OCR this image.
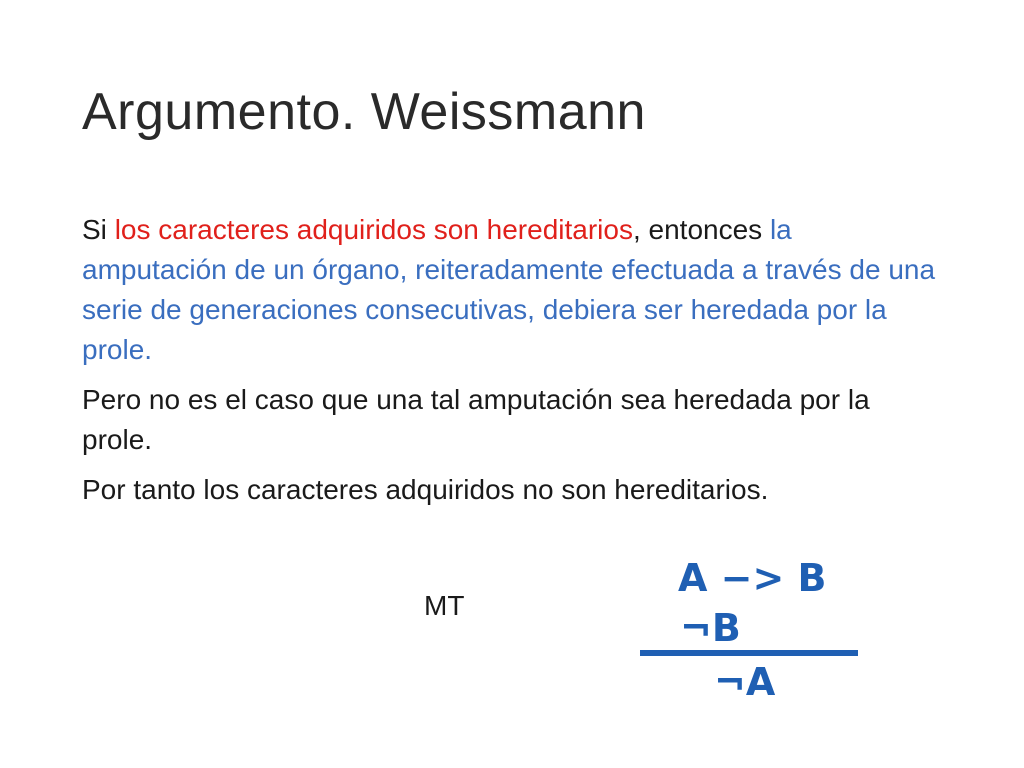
Argumento. Weissmann

Si los caracteres adquiridos son hereditarios, entonces la amputación de un órgano, reiteradamente efectuada a través de una serie de generaciones consecutivas, debiera ser heredada por la prole.

Pero no es el caso que una tal amputación sea heredada por la prole.

Por tanto los caracteres adquiridos no son hereditarios.

MT
A −> B
¬B
¬A
